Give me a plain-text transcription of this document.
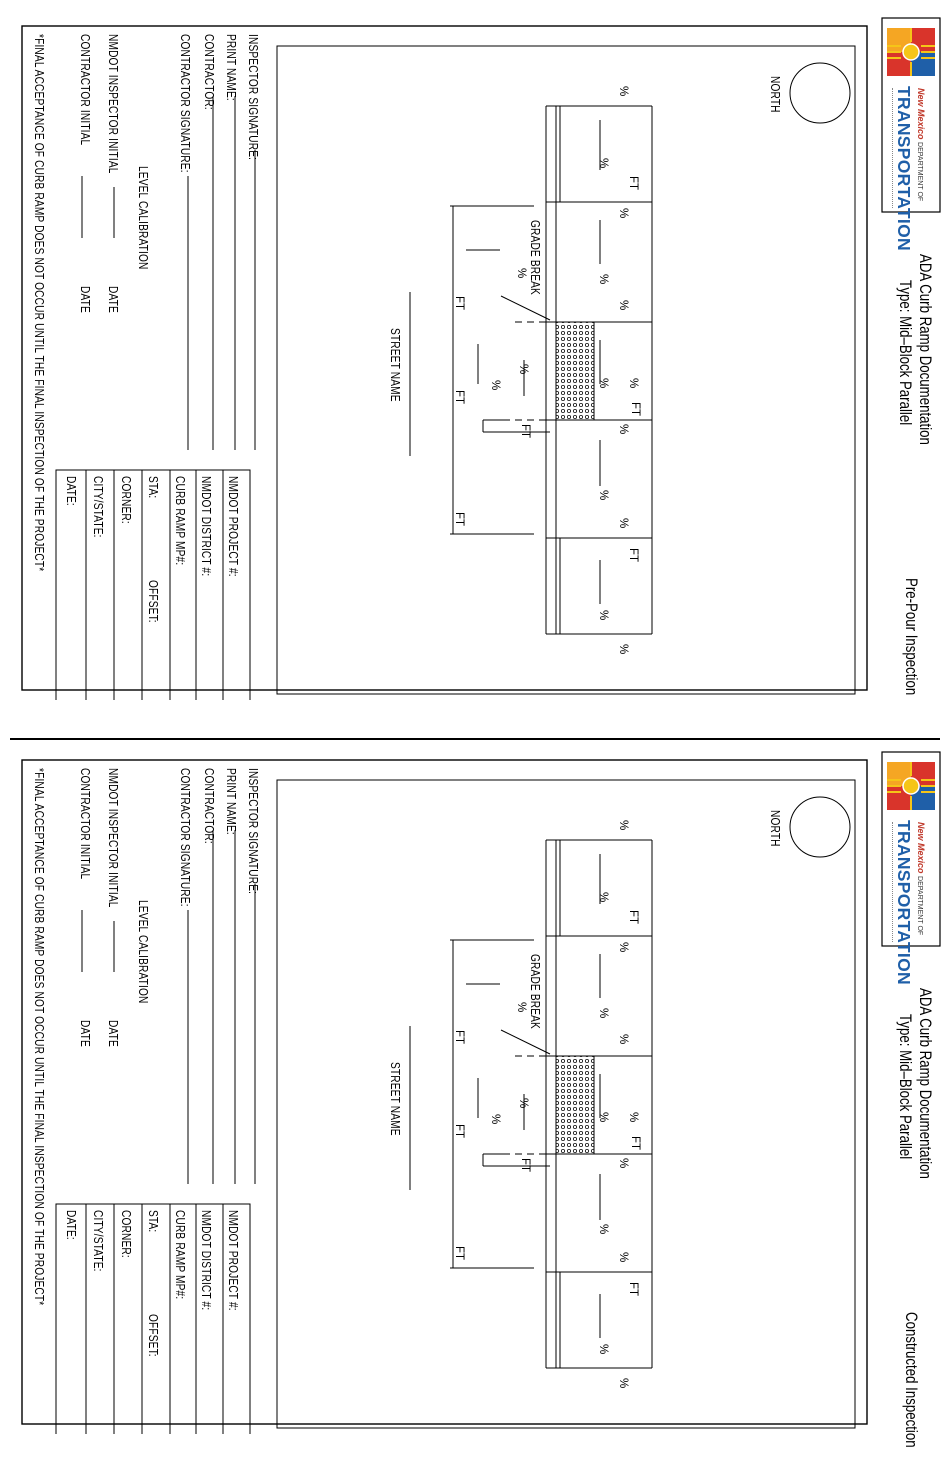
New Mexico DEPARTMENT OF
TRANSPORTATION
ADA Curb Ramp Documentation
Type: Mid–Block Parallel
Pre-Pour Inspection
NORTH
STREET NAME
GRADE BREAK
%
%
%
%
%
%
% %
%
%
%
%
%
%
%
FT
FT
FT
FT
FT
FT
FT
INSPECTOR SIGNATURE:
PRINT NAME:
CONTRACTOR:
CONTRACTOR SIGNATURE:
LEVEL CALIBRATION
NMDOT INSPECTOR INITIAL
DATE
CONTRACTOR INITIAL
DATE
NMDOT PROJECT #:
NMDOT DISTRICT #:
CURB RAMP MP#:
STA:
OFFSET:
CORNER:
CITY/STATE:
DATE:
*FINAL ACCEPTANCE OF CURB RAMP DOES NOT OCCUR UNTIL THE FINAL INSPECTION OF THE PROJECT*
New Mexico DEPARTMENT OF
TRANSPORTATION
ADA Curb Ramp Documentation
Type: Mid–Block Parallel
Constructed Inspection
NORTH
STREET NAME
GRADE BREAK
%
%
%
%
%
%
% %
%
%
%
%
%
%
%
FT
FT
FT
FT
FT
FT
FT
INSPECTOR SIGNATURE:
PRINT NAME:
CONTRACTOR:
CONTRACTOR SIGNATURE:
LEVEL CALIBRATION
NMDOT INSPECTOR INITIAL
DATE
CONTRACTOR INITIAL
DATE
NMDOT PROJECT #:
NMDOT DISTRICT #:
CURB RAMP MP#:
STA:
OFFSET:
CORNER:
CITY/STATE:
DATE:
*FINAL ACCEPTANCE OF CURB RAMP DOES NOT OCCUR UNTIL THE FINAL INSPECTION OF THE PROJECT*
